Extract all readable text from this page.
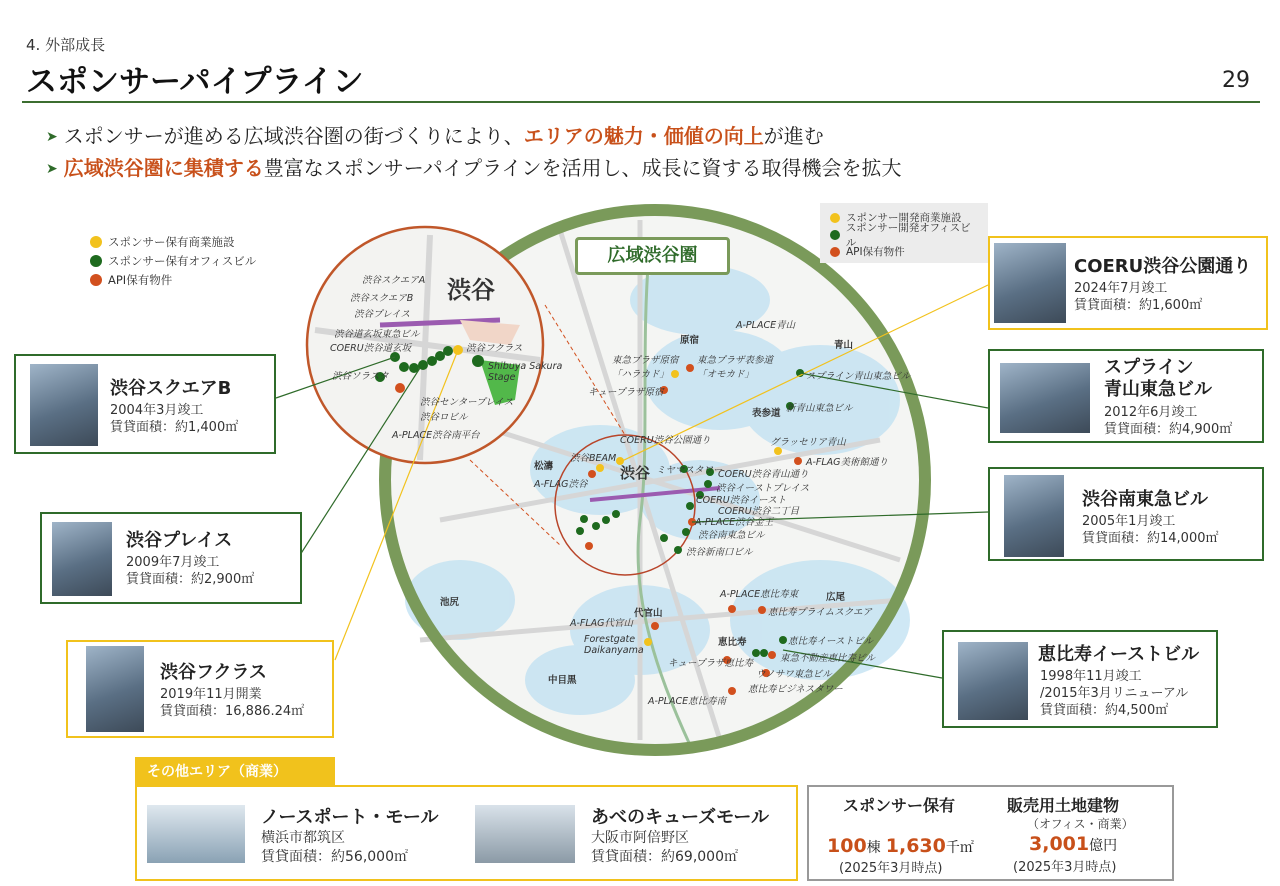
4. 外部成長
スポンサーパイプライン	29
➤ スポンサーが進める広域渋谷圏の街づくりにより、エリアの魅力・価値の向上が進む
➤ 広域渋谷圏に集積する豊富なスポンサーパイプラインを活用し、成長に資する取得機会を拡大
広域渋谷圏
渋谷
渋谷
渋谷スクエアA
渋谷スクエアB
渋谷プレイス
渋谷道玄坂東急ビル
COERU渋谷道玄坂	渋谷フクラス
渋谷ソラスタ
Shibuya Sakura Stage
渋谷センタープレイス
渋谷ロビル
A-PLACE渋谷南平台
原宿	青山
表参道
松濤
広尾
池尻
代官山
恵比寿
中目黒
A-PLACE青山
東急プラザ原宿「ハラカド」
東急プラザ表参道「オモカド」
キュープラザ原宿
スプライン青山東急ビル
新青山東急ビル
COERU渋谷公園通り	グラッセリア青山
A-FLAG美術館通り
渋谷BEAM
ミヤマスタワー
A-FLAG渋谷
COERU渋谷青山通り
渋谷イーストプレイス
COERU渋谷イースト
COERU渋谷二丁目
A-PLACE渋谷金王
渋谷南東急ビル
渋谷新南口ビル
A-PLACE恵比寿東
恵比寿プライムスクエア
A-FLAG代官山
Forestgate Daikanyama
恵比寿イーストビル
東急不動産恵比寿ビル
キュープラザ恵比寿
ウノサワ東急ビル
恵比寿ビジネスタワー
A-PLACE恵比寿南
スポンサー保有商業施設
スポンサー保有オフィスビル
API保有物件
スポンサー開発商業施設
スポンサー開発オフィスビル
API保有物件
COERU渋谷公園通り
2024年7月竣工
賃貸面積：約1,600㎡
スプライン
青山東急ビル
2012年6月竣工
賃貸面積：約4,900㎡
渋谷南東急ビル
2005年1月竣工
賃貸面積：約14,000㎡
恵比寿イーストビル
1998年11月竣工
/2015年3月リニューアル
賃貸面積：約4,500㎡
渋谷スクエアB
2004年3月竣工
賃貸面積：約1,400㎡
渋谷プレイス
2009年7月竣工
賃貸面積：約2,900㎡
渋谷フクラス
2019年11月開業
賃貸面積：16,886.24㎡
その他エリア（商業）
ノースポート・モール
横浜市都筑区
賃貸面積：約56,000㎡
あべのキューズモール
大阪市阿倍野区
賃貸面積：約69,000㎡
スポンサー保有
100棟 1,630千㎡
(2025年3月時点)
販売用土地建物
（オフィス・商業）
3,001億円
(2025年3月時点)
